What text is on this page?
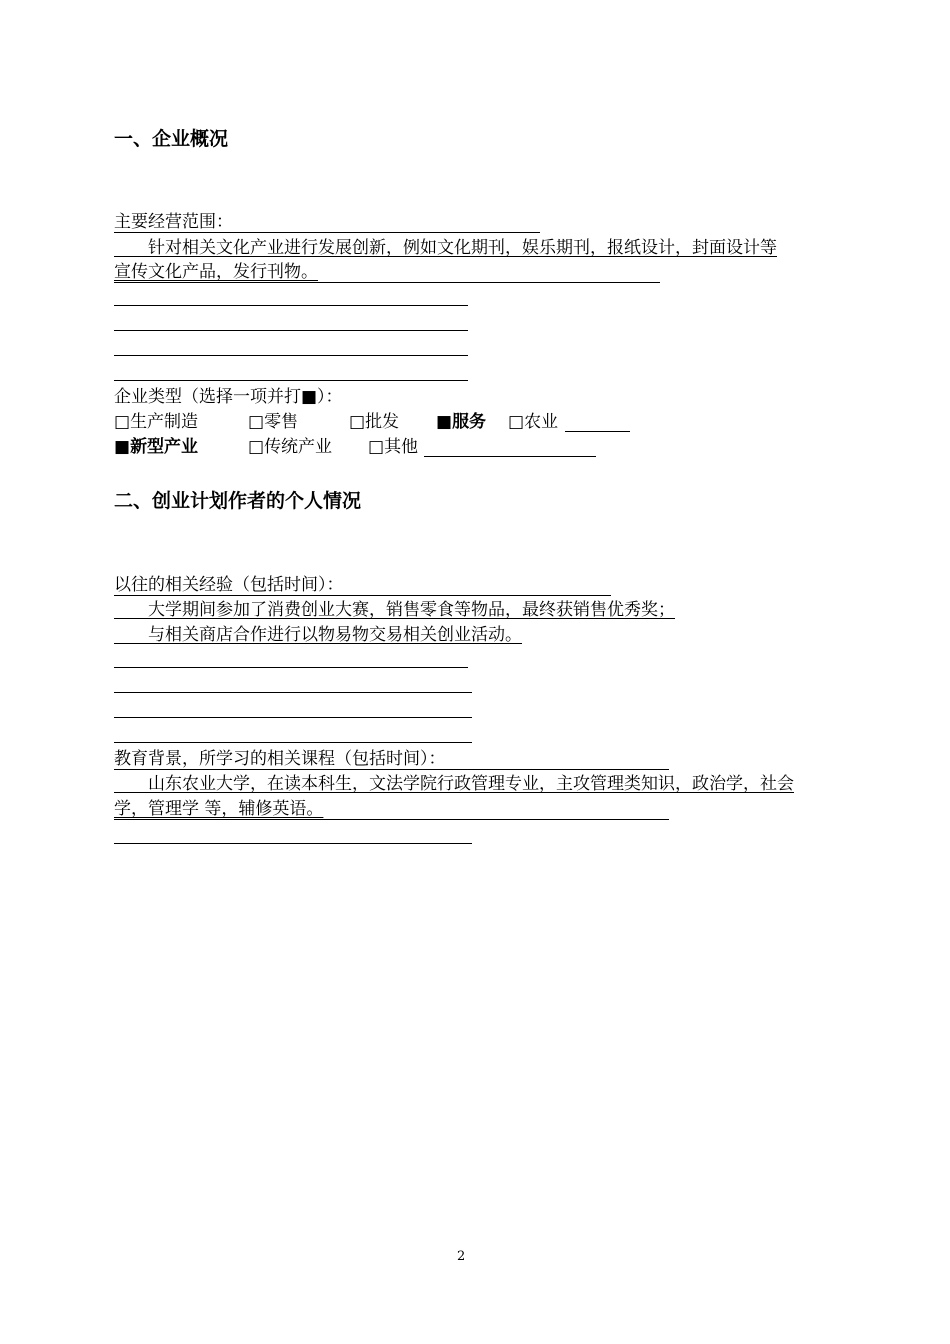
一、企业概况
主要经营范围：
  针对相关文化产业进行发展创新，例如文化期刊，娱乐期刊，报纸设计，封面设计等
宣传文化产品，发行刊物。
企业类型（选择一项并打■）：
□生产制造	□零售	□批发 ■服务 □农业
■新型产业	□传统产业 □其他
二、创业计划作者的个人情况
以往的相关经验（包括时间）：
  大学期间参加了消费创业大赛，销售零食等物品，最终获销售优秀奖；
  与相关商店合作进行以物易物交易相关创业活动。
教育背景，所学习的相关课程（包括时间）：
  山东农业大学，在读本科生，文法学院行政管理专业，主攻管理类知识，政治学，社会
学，管理学 等，辅修英语。
2
